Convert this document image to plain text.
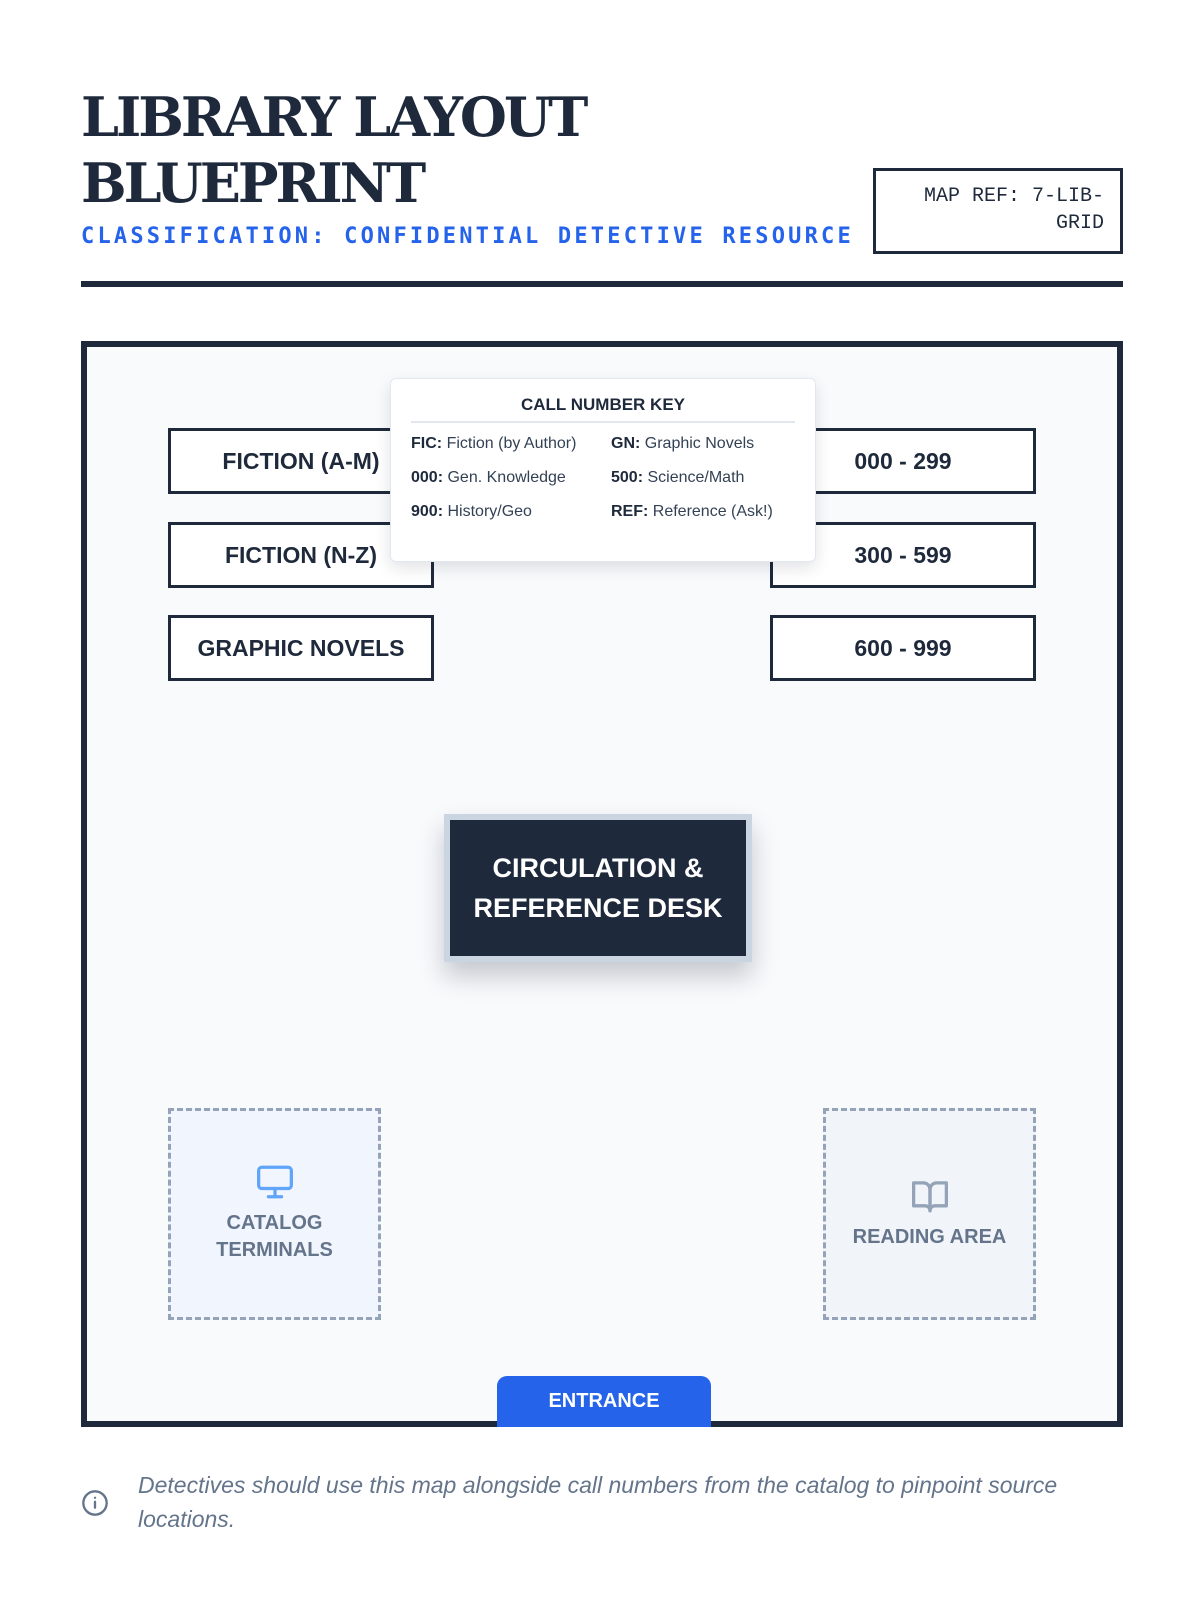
LIBRARY LAYOUT BLUEPRINT
CLASSIFICATION: CONFIDENTIAL DETECTIVE RESOURCE
MAP REF: 7-LIB-GRID
FICTION (A-M)
FICTION (N-Z)
GRAPHIC NOVELS
000 - 299
300 - 599
600 - 999
CALL NUMBER KEY
FIC: Fiction (by Author)	GN: Graphic Novels
000: Gen. Knowledge	500: Science/Math
900: History/Geo	REF: Reference (Ask!)
CIRCULATION & REFERENCE DESK
CATALOG TERMINALS
READING AREA
ENTRANCE

Detectives should use this map alongside call numbers from the catalog to pinpoint source locations.
